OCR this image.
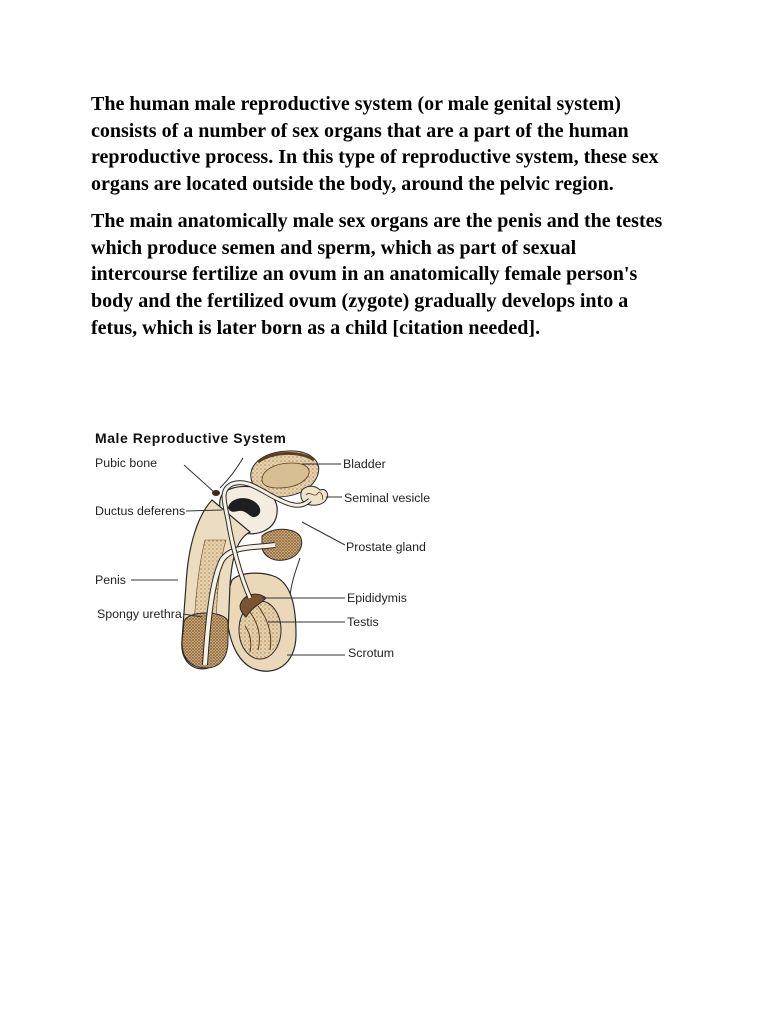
The human male reproductive system (or male genital system)
consists of a number of sex organs that are a part of the human
reproductive process. In this type of reproductive system, these sex
organs are located outside the body, around the pelvic region.

The main anatomically male sex organs are the penis and the testes
which produce semen and sperm, which as part of sexual
intercourse fertilize an ovum in an anatomically female person's
body and the fertilized ovum (zygote) gradually develops into a
fetus, which is later born as a child [citation needed].

Male Reproductive System
Pubic bone
Ductus deferens
Penis
Spongy urethra
Bladder
Seminal vesicle
Prostate gland
Epididymis
Testis
Scrotum
